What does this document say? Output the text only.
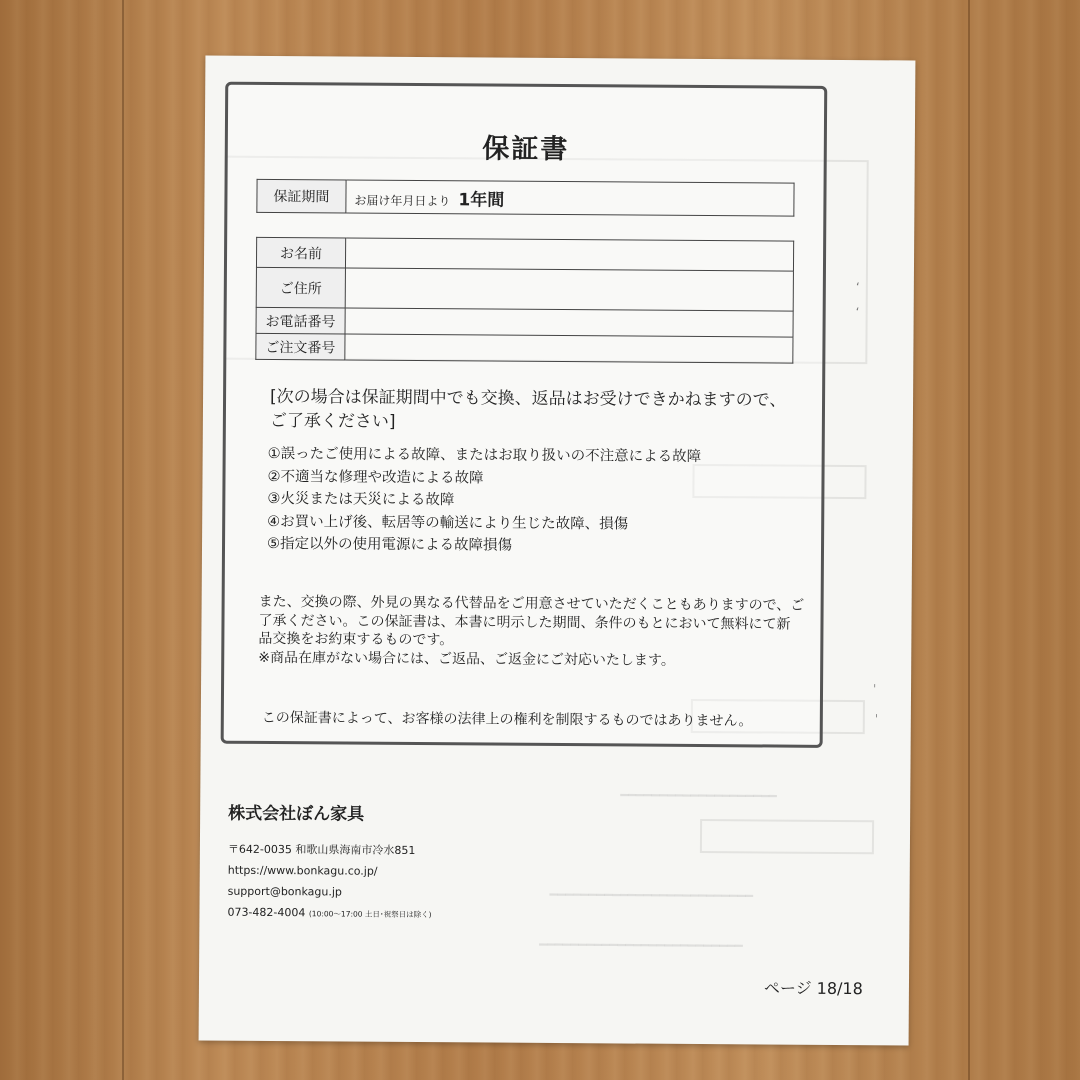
━━━━━━━━━━━━━━━━━━━━
━━━━━━━━━━━━━━━━━━━━━━━━━━
━━━━━━━━━━━━━━━━━━━━━━━━━━
保証書
保証期間	お届け年月日より 1年間
お名前	
ご住所	
お電話番号	
ご注文番号	
[次の場合は保証期間中でも交換、返品はお受けできかねますので、
ご了承ください]
①誤ったご使用による故障、またはお取り扱いの不注意による故障
②不適当な修理や改造による故障
③火災または天災による故障
④お買い上げ後、転居等の輸送により生じた故障、損傷
⑤指定以外の使用電源による故障損傷
また、交換の際、外見の異なる代替品をご用意させていただくこともありますので、ご
了承ください。この保証書は、本書に明示した期間、条件のもとにおいて無料にて新
品交換をお約束するものです。
※商品在庫がない場合には、ご返品、ご返金にご対応いたします。
この保証書によって、お客様の法律上の権利を制限するものではありません。
株式会社ぼん家具
〒642-0035 和歌山県海南市冷水851
https://www.bonkagu.co.jp/
support@bonkagu.jp
073-482-4004 (10:00〜17:00 土日･祝祭日は除く)
ページ 18/18
‘
‘
ˈ
ˈ
